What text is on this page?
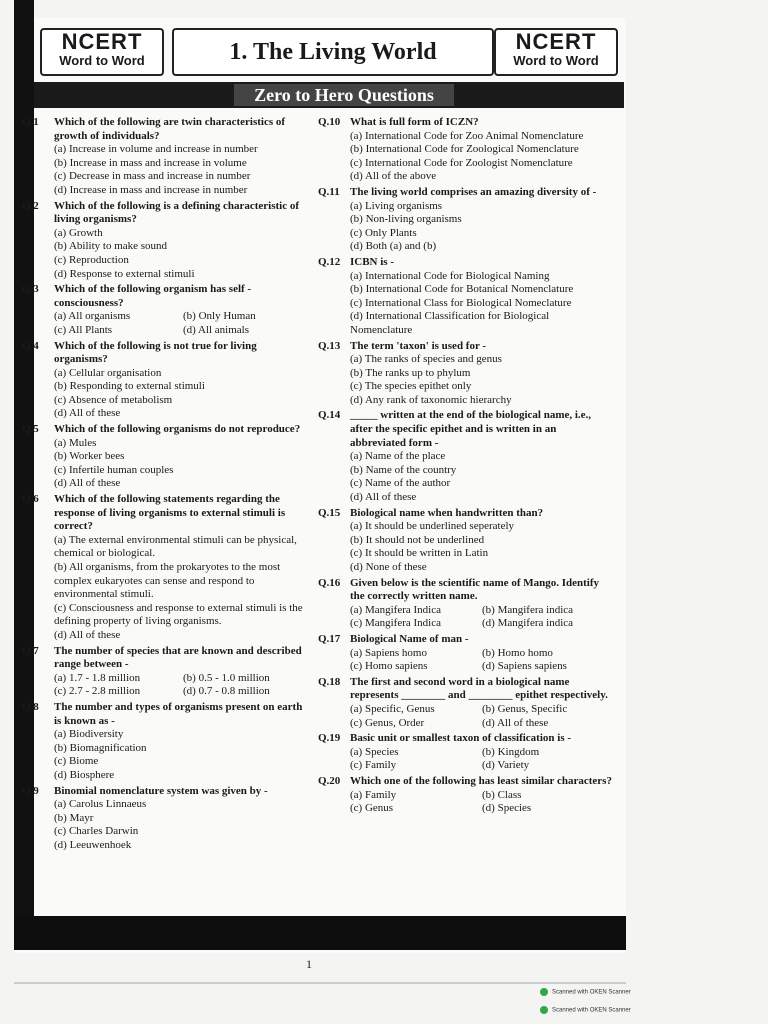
NCERT
Word to Word	1. The Living World	NCERT
Word to Word
Zero to Hero Questions
Q.1	Which of the following are twin characteristics of growth of individuals?
(a) Increase in volume and increase in number
(b) Increase in mass and increase in volume
(c) Decrease in mass and increase in number
(d) Increase in mass and increase in number
Q.2	Which of the following is a defining characteristic of living organisms?
(a) Growth
(b) Ability to make sound
(c) Reproduction
(d) Response to external stimuli
Q.3	Which of the following organism has self - consciousness?
(a) All organisms	(b) Only Human
(c) All Plants	(d) All animals
Q.4	Which of the following is not true for living organisms?
(a) Cellular organisation
(b) Responding to external stimuli
(c) Absence of metabolism
(d) All of these
Q.5	Which of the following organisms do not reproduce?
(a) Mules
(b) Worker bees
(c) Infertile human couples
(d) All of these
Q.6	Which of the following statements regarding the response of living organisms to external stimuli is correct?
(a) The external environmental stimuli can be physical, chemical or biological.
(b) All organisms, from the prokaryotes to the most complex eukaryotes can sense and respond to environmental stimuli.
(c) Consciousness and response to external stimuli is the defining property of living organisms.
(d) All of these
Q.7	The number of species that are known and described range between -
(a) 1.7 - 1.8 million	(b) 0.5 - 1.0 million
(c) 2.7 - 2.8 million	(d) 0.7 - 0.8 million
Q.8	The number and types of organisms present on earth is known as -
(a) Biodiversity
(b) Biomagnification
(c) Biome
(d) Biosphere
Q.9	Binomial nomenclature system was given by -
(a) Carolus Linnaeus
(b) Mayr
(c) Charles Darwin
(d) Leeuwenhoek
Q.10 What is full form of ICZN?
(a) International Code for Zoo Animal Nomenclature
(b) International Code for Zoological Nomenclature
(c) International Code for Zoologist Nomenclature
(d) All of the above
Q.11 The living world comprises an amazing diversity of -
(a) Living organisms
(b) Non-living organisms
(c) Only Plants
(d) Both (a) and (b)
Q.12 ICBN is -
(a) International Code for Biological Naming
(b) International Code for Botanical Nomenclature
(c) International Class for Biological Nomeclature
(d) International Classification for Biological Nomenclature
Q.13 The term 'taxon' is used for -
(a) The ranks of species and genus
(b) The ranks up to phylum
(c) The species epithet only
(d) Any rank of taxonomic hierarchy
Q.14 _____ written at the end of the biological name, i.e., after the specific epithet and is written in an abbreviated form -
(a) Name of the place
(b) Name of the country
(c) Name of the author
(d) All of these
Q.15 Biological name when handwritten than?
(a) It should be underlined seperately
(b) It should not be underlined
(c) It should be written in Latin
(d) None of these
Q.16 Given below is the scientific name of Mango. Identify the correctly written name.
(a) Mangifera Indica	(b) Mangifera indica
(c) Mangifera Indica	(d) Mangifera indica
Q.17 Biological Name of man -
(a) Sapiens homo	(b) Homo homo
(c) Homo sapiens	(d) Sapiens sapiens
Q.18 The first and second word in a biological name represents ________ and ________ epithet respectively.
(a) Specific, Genus	(b) Genus, Specific
(c) Genus, Order	(d) All of these
Q.19 Basic unit or smallest taxon of classification is -
(a) Species	(b) Kingdom
(c) Family	(d) Variety
Q.20 Which one of the following has least similar characters?
(a) Family	(b) Class
(c) Genus	(d) Species
1
Scanned with OKEN Scanner
Scanned with OKEN Scanner
